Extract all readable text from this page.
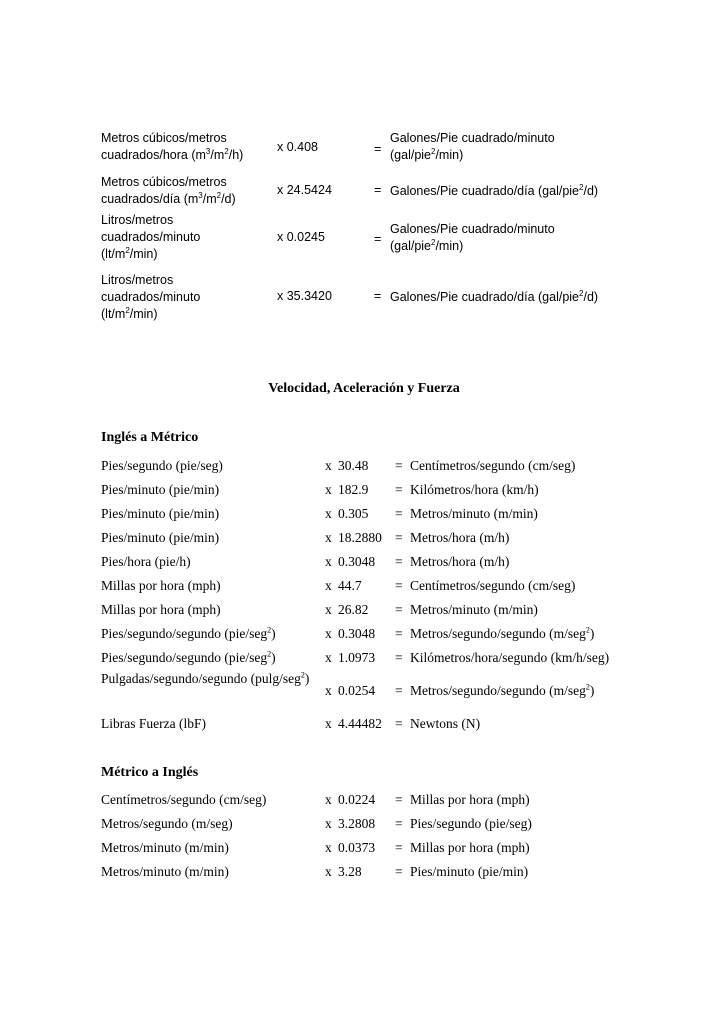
Metros cúbicos/metros
cuadrados/hora $(m^3/m^2/h)$
x 0.408	=
Galones/Pie cuadrado/minuto
(gal/pie$^2$/min)
Metros cúbicos/metros
cuadrados/día $(m^3/m^2/d)$
x 24.5424	= Galones/Pie cuadrado/día (gal/pie$^2$/d)
Litros/metros
cuadrados/minuto
$(lt/m^2/\min)$
x 0.0245	=
Galones/Pie cuadrado/minuto
(gal/pie$^2$/min)
Litros/metros
cuadrados/minuto
$(lt/m^2/\min)$
x 35.3420	= Galones/Pie cuadrado/día (gal/pie$^2$/d)
Velocidad, Aceleración y Fuerza
Inglés a Métrico
Pies/segundo (pie/seg)	x 30.48 = Centímetros/segundo (cm/seg)
Pies/minuto (pie/min)	x 182.9 = Kilómetros/hora (km/h)
Pies/minuto (pie/min)	x 0.305 = Metros/minuto (m/min)
Pies/minuto (pie/min)	x 18.2880 = Metros/hora (m/h)
Pies/hora (pie/h)	x 0.3048 = Metros/hora (m/h)
Millas por hora (mph)	x 44.7 = Centímetros/segundo (cm/seg)
Millas por hora (mph)	x 26.82 = Metros/minuto (m/min)
Pies/segundo/segundo (pie/seg$^2$)	x 0.3048 = Metros/segundo/segundo (m/seg$^2$)
Pies/segundo/segundo (pie/seg$^2$)	x 1.0973 = Kilómetros/hora/segundo (km/h/seg)
Pulgadas/segundo/segundo (pulg/seg$^2$)
x 0.0254 = Metros/segundo/segundo (m/seg$^2$)
Libras Fuerza (lbF)	x 4.44482 = Newtons (N)
Métrico a Inglés
Centímetros/segundo (cm/seg)	x 0.0224 = Millas por hora (mph)
Metros/segundo (m/seg)	x 3.2808 = Pies/segundo (pie/seg)
Metros/minuto (m/min)	x 0.0373 = Millas por hora (mph)
Metros/minuto (m/min)	x 3.28 = Pies/minuto (pie/min)
